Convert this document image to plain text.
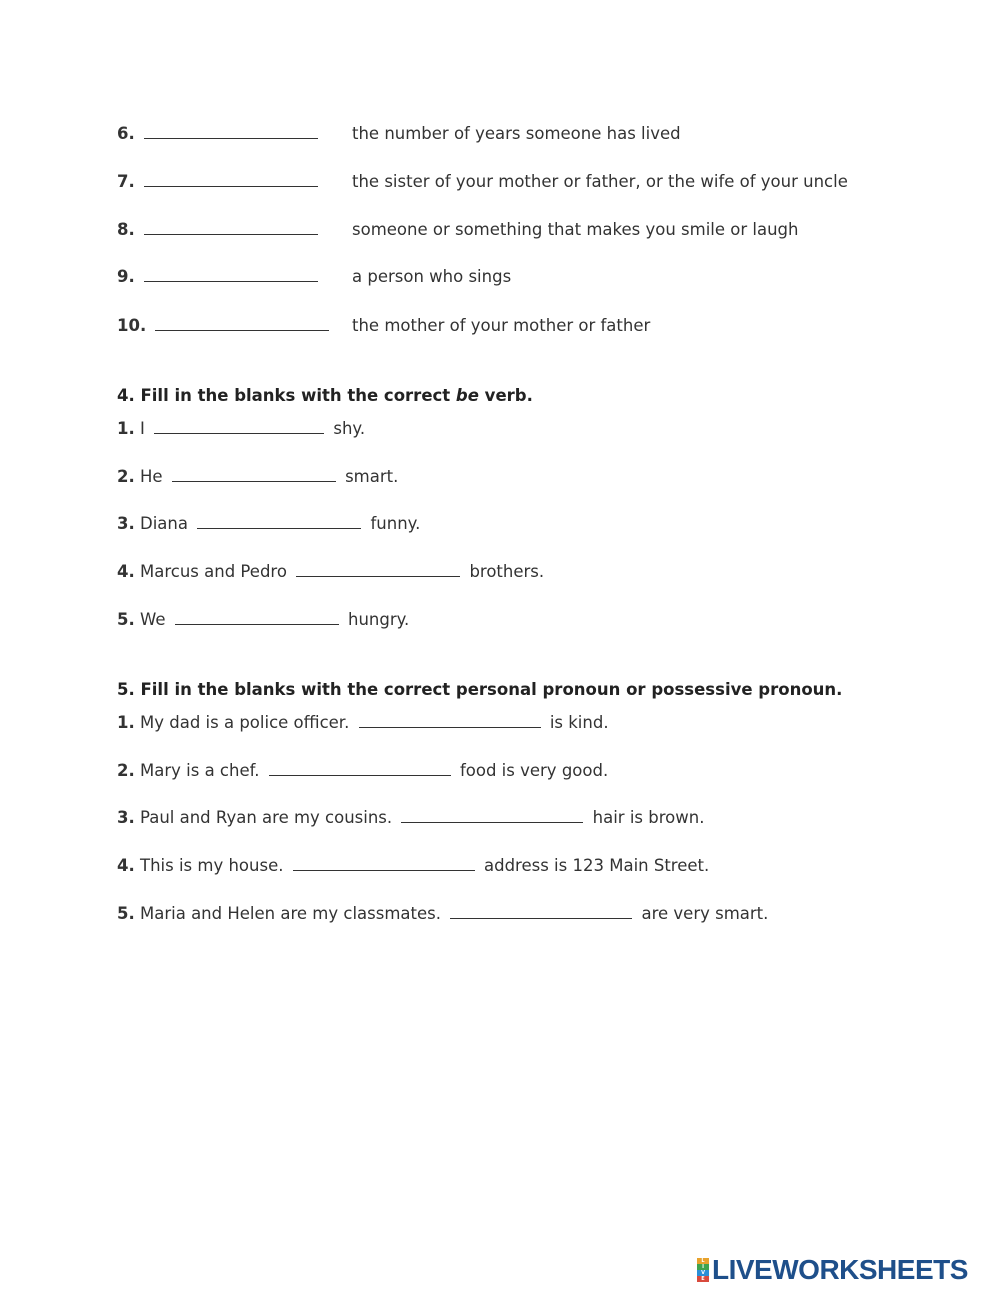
6.	the number of years someone has lived
7.	the sister of your mother or father, or the wife of your uncle
8.	someone or something that makes you smile or laugh
9.	a person who sings
10.	the mother of your mother or father
4. Fill in the blanks with the correct be verb.
1. I	shy.
2. He	smart.
3. Diana	funny.
4. Marcus and Pedro	brothers.
5. We	hungry.
5. Fill in the blanks with the correct personal pronoun or possessive pronoun.
1. My dad is a police officer.	is kind.
2. Mary is a chef.	food is very good.
3. Paul and Ryan are my cousins.	hair is brown.
4. This is my house.	address is 123 Main Street.
5. Maria and Helen are my classmates.	are very smart.
L
I
V
E LIVEWORKSHEETS
